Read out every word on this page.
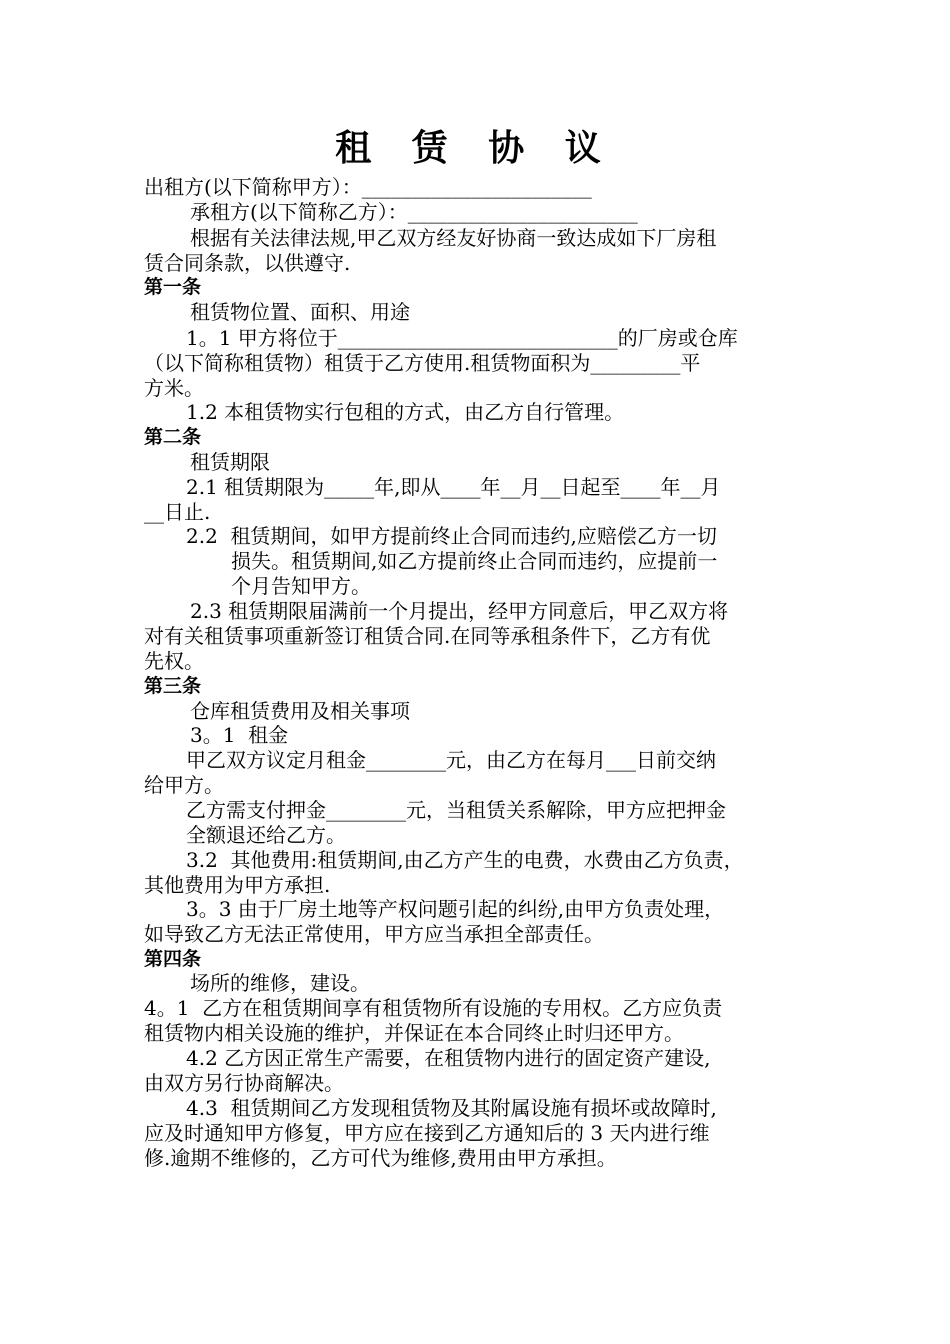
租 赁 协 议
出租方(以下简称甲方）：_______________________
承租方(以下简称乙方）：_______________________
根据有关法律法规,甲乙双方经友好协商一致达成如下厂房租
赁合同条款，以供遵守.
第一条
租赁物位置、面积、用途
1。1 甲方将位于____________________________的厂房或仓库
（以下简称租赁物）租赁于乙方使用.租赁物面积为_________平
方米。
1.2 本租赁物实行包租的方式，由乙方自行管理。
第二条
租赁期限
2.1 租赁期限为_____年,即从____年__月__日起至____年__月
__日止.
2.2  租赁期间，如甲方提前终止合同而违约,应赔偿乙方一切
损失。租赁期间,如乙方提前终止合同而违约，应提前一
个月告知甲方。
2.3 租赁期限届满前一个月提出，经甲方同意后，甲乙双方将
对有关租赁事项重新签订租赁合同.在同等承租条件下，乙方有优
先权。
第三条
仓库租赁费用及相关事项
3。1  租金
甲乙双方议定月租金________元，由乙方在每月___日前交纳
给甲方。
乙方需支付押金________元，当租赁关系解除，甲方应把押金
全额退还给乙方。
3.2  其他费用:租赁期间,由乙方产生的电费，水费由乙方负责，
其他费用为甲方承担.
3。3 由于厂房土地等产权问题引起的纠纷,由甲方负责处理，
如导致乙方无法正常使用，甲方应当承担全部责任。
第四条
场所的维修，建设。
4。1  乙方在租赁期间享有租赁物所有设施的专用权。乙方应负责
租赁物内相关设施的维护，并保证在本合同终止时归还甲方。
4.2 乙方因正常生产需要，在租赁物内进行的固定资产建设,
由双方另行协商解决。
4.3  租赁期间乙方发现租赁物及其附属设施有损坏或故障时,
应及时通知甲方修复，甲方应在接到乙方通知后的 3 天内进行维
修.逾期不维修的，乙方可代为维修,费用由甲方承担。
